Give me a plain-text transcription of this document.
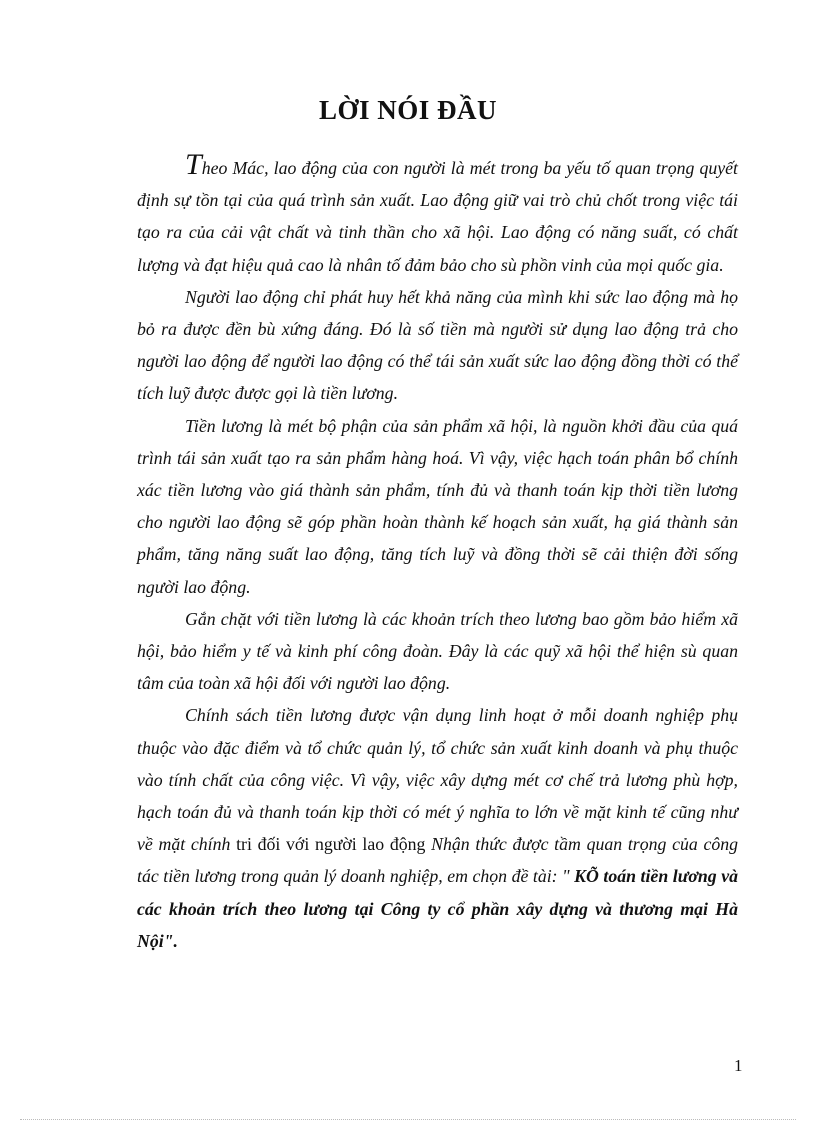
LỜI NÓI ĐẦU

Theo Mác, lao động của con người là mét trong ba yếu tố quan trọng quyết định sự tồn tại của quá trình sản xuất. Lao động giữ vai trò chủ chốt trong việc tái tạo ra của cải vật chất và tinh thần cho xã hội. Lao động có năng suất, có chất lượng và đạt hiệu quả cao là nhân tố đảm bảo cho sù phồn vinh của mọi quốc gia.

Người lao động chỉ phát huy hết khả năng của mình khi sức lao động mà họ bỏ ra được đền bù xứng đáng. Đó là số tiền mà người sử dụng lao động trả cho người lao động để người lao động có thể tái sản xuất sức lao động đồng thời có thể tích luỹ được được gọi là tiền lương.

Tiền lương là mét bộ phận của sản phẩm xã hội, là nguồn khởi đầu của quá trình tái sản xuất tạo ra sản phẩm hàng hoá. Vì vậy, việc hạch toán phân bổ chính xác tiền lương vào giá thành sản phẩm, tính đủ và thanh toán kịp thời tiền lương cho người lao động sẽ góp phần hoàn thành kế hoạch sản xuất, hạ giá thành sản phẩm, tăng năng suất lao động, tăng tích luỹ và đồng thời sẽ cải thiện đời sống người lao động.

Gắn chặt với tiền lương là các khoản trích theo lương bao gồm bảo hiểm xã hội, bảo hiểm y tế và kinh phí công đoàn. Đây là các quỹ xã hội thể hiện sù quan tâm của toàn xã hội đối với người lao động.

Chính sách tiền lương được vận dụng linh hoạt ở mỗi doanh nghiệp phụ thuộc vào đặc điểm và tổ chức quản lý, tổ chức sản xuất kinh doanh và phụ thuộc vào tính chất của công việc. Vì vậy, việc xây dựng mét cơ chế trả lương phù hợp, hạch toán đủ và thanh toán kịp thời có mét ý nghĩa to lớn về mặt kinh tế cũng như về mặt chính tri đối với người lao động Nhận thức được tầm quan trọng của công tác tiền lương trong quản lý doanh nghiệp, em chọn đề tài: " KÕ toán tiền lương và các khoản trích theo lương tại Công ty cổ phần xây dựng và thương mại Hà Nội".

1
